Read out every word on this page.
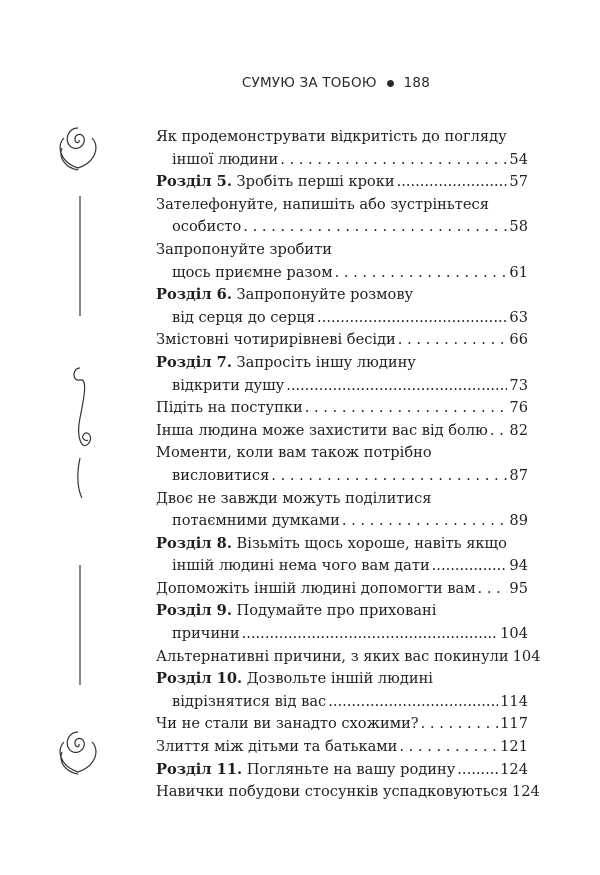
СУМУЮ ЗА ТОБОЮ 188
Як продемонструвати відкритість до погляду
іншої людини . . .	54
Розділ 5.
Зробіть перші кроки .....	57
Зателефонуйте, напишіть або зустріньтеся
особисто . . .	58
Запропонуйте зробити
щось приємне разом . . .	61
Розділ 6.
Запропонуйте розмову
від серця до серця .....	63
Змістовні чотирирівневі бесіди . . .	66
Розділ 7.
Запросіть іншу людину
відкрити душу .....	73
Підіть на поступки . . .	76
Інша людина може захистити вас від болю . . . 82
Моменти, коли вам також потрібно
висловитися . . .	87
Двоє не завжди можуть поділитися
потаємними думками . . .	89
Розділ 8.
Візьміть щось хороше, навіть якщо
іншій людині нема чого вам дати .....	94
Допоможіть іншій людині допомогти вам . . . 95
Розділ 9.
Подумайте про приховані
причини .....	104
Альтернативні причини, з яких вас покинули 104
Розділ 10.
Дозвольте іншій людині
відрізнятися від вас .....	114
Чи не стали ви занадто схожими? . . .	117
Злиття між дітьми та батьками . . .	121
Розділ 11.
Погляньте на вашу родину .....	124
Навички побудови стосунків успадковуються 124
